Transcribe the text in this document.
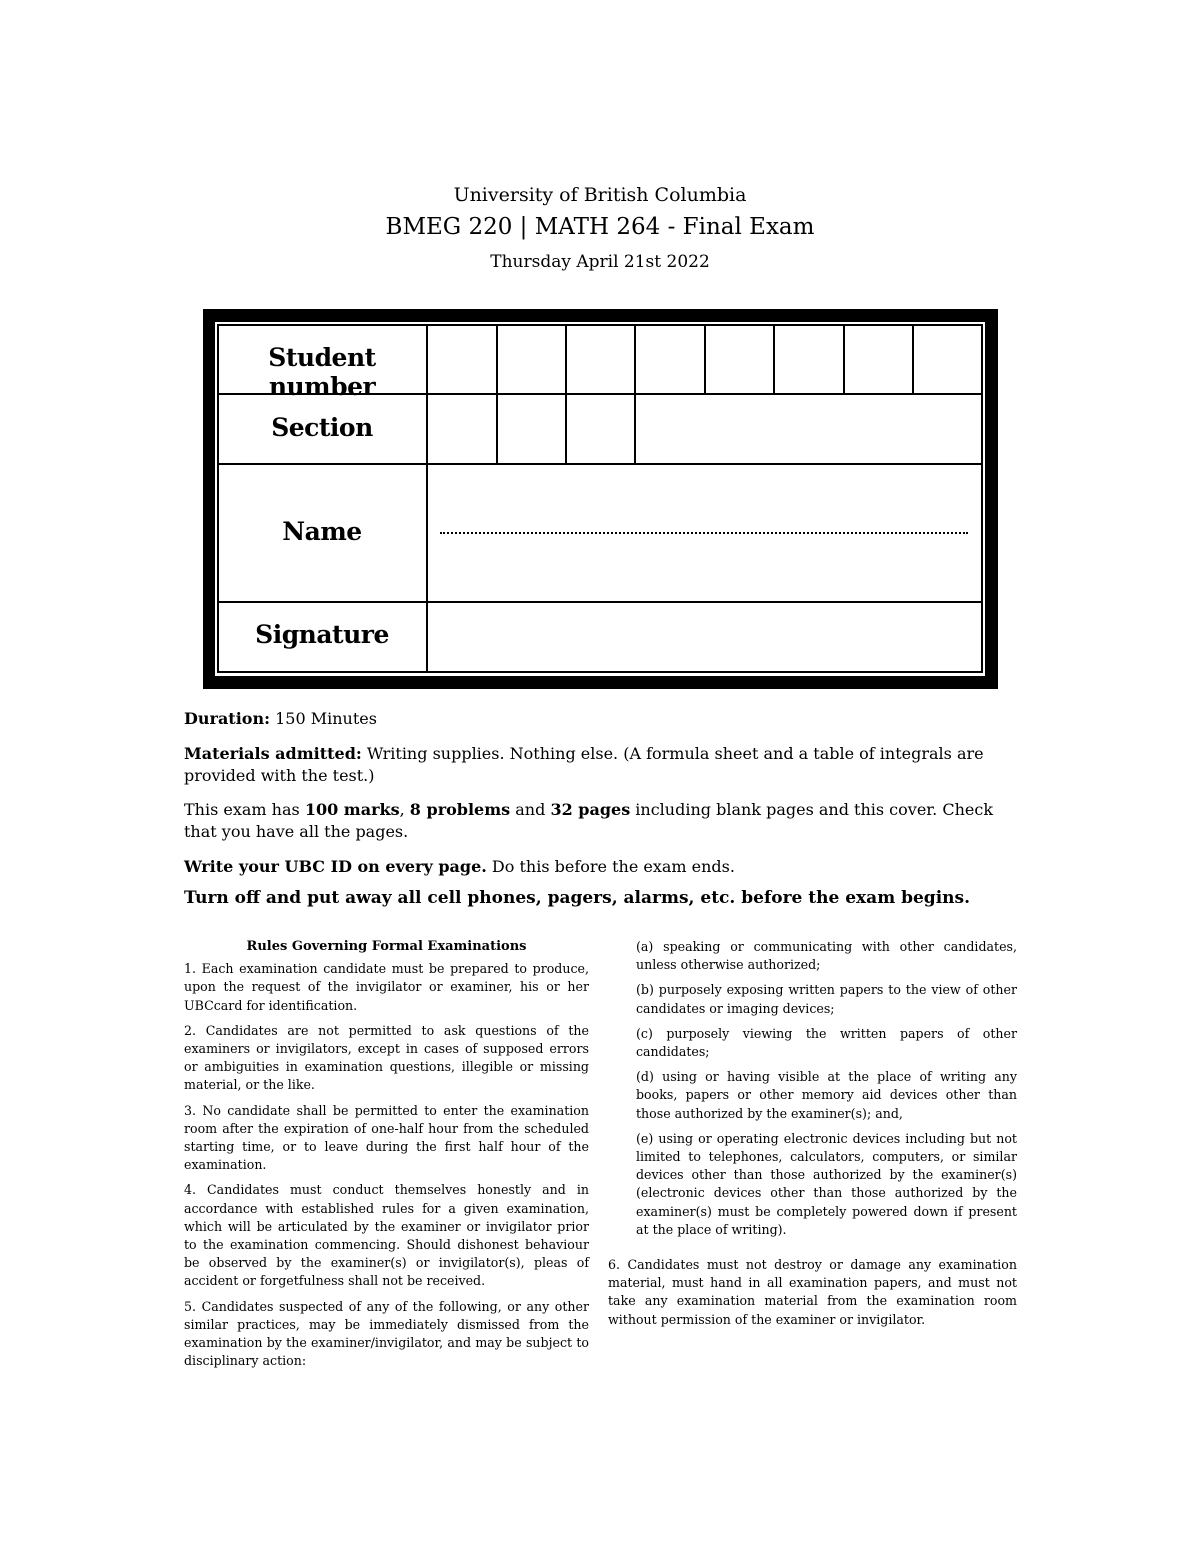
University of British Columbia
BMEG 220 | MATH 264 - Final Exam
Thursday April 21st 2022
Student number
Section
Name
Signature
Duration: 150 Minutes
Materials admitted: Writing supplies. Nothing else. (A formula sheet and a table of integrals are provided with the test.)
This exam has 100 marks, 8 problems and 32 pages including blank pages and this cover. Check that you have all the pages.
Write your UBC ID on every page. Do this before the exam ends.
Turn off and put away all cell phones, pagers, alarms, etc. before the exam begins.
Rules Governing Formal Examinations

1. Each examination candidate must be prepared to produce, upon the request of the invigilator or examiner, his or her UBCcard for identification.

2. Candidates are not permitted to ask questions of the examiners or invigilators, except in cases of supposed errors or ambiguities in examination questions, illegible or missing material, or the like.

3. No candidate shall be permitted to enter the examination room after the expiration of one-half hour from the scheduled starting time, or to leave during the first half hour of the examination.

4. Candidates must conduct themselves honestly and in accordance with established rules for a given examination, which will be articulated by the examiner or invigilator prior to the examination commencing. Should dishonest behaviour be observed by the examiner(s) or invigilator(s), pleas of accident or forgetfulness shall not be received.

5. Candidates suspected of any of the following, or any other similar practices, may be immediately dismissed from the examination by the examiner/invigilator, and may be subject to disciplinary action:

(a) speaking or communicating with other candidates, unless otherwise authorized;

(b) purposely exposing written papers to the view of other candidates or imaging devices;

(c) purposely viewing the written papers of other candidates;

(d) using or having visible at the place of writing any books, papers or other memory aid devices other than those authorized by the examiner(s); and,

(e) using or operating electronic devices including but not limited to telephones, calculators, computers, or similar devices other than those authorized by the examiner(s) (electronic devices other than those authorized by the examiner(s) must be completely powered down if present at the place of writing).

6. Candidates must not destroy or damage any examination material, must hand in all examination papers, and must not take any examination material from the examination room without permission of the examiner or invigilator.
